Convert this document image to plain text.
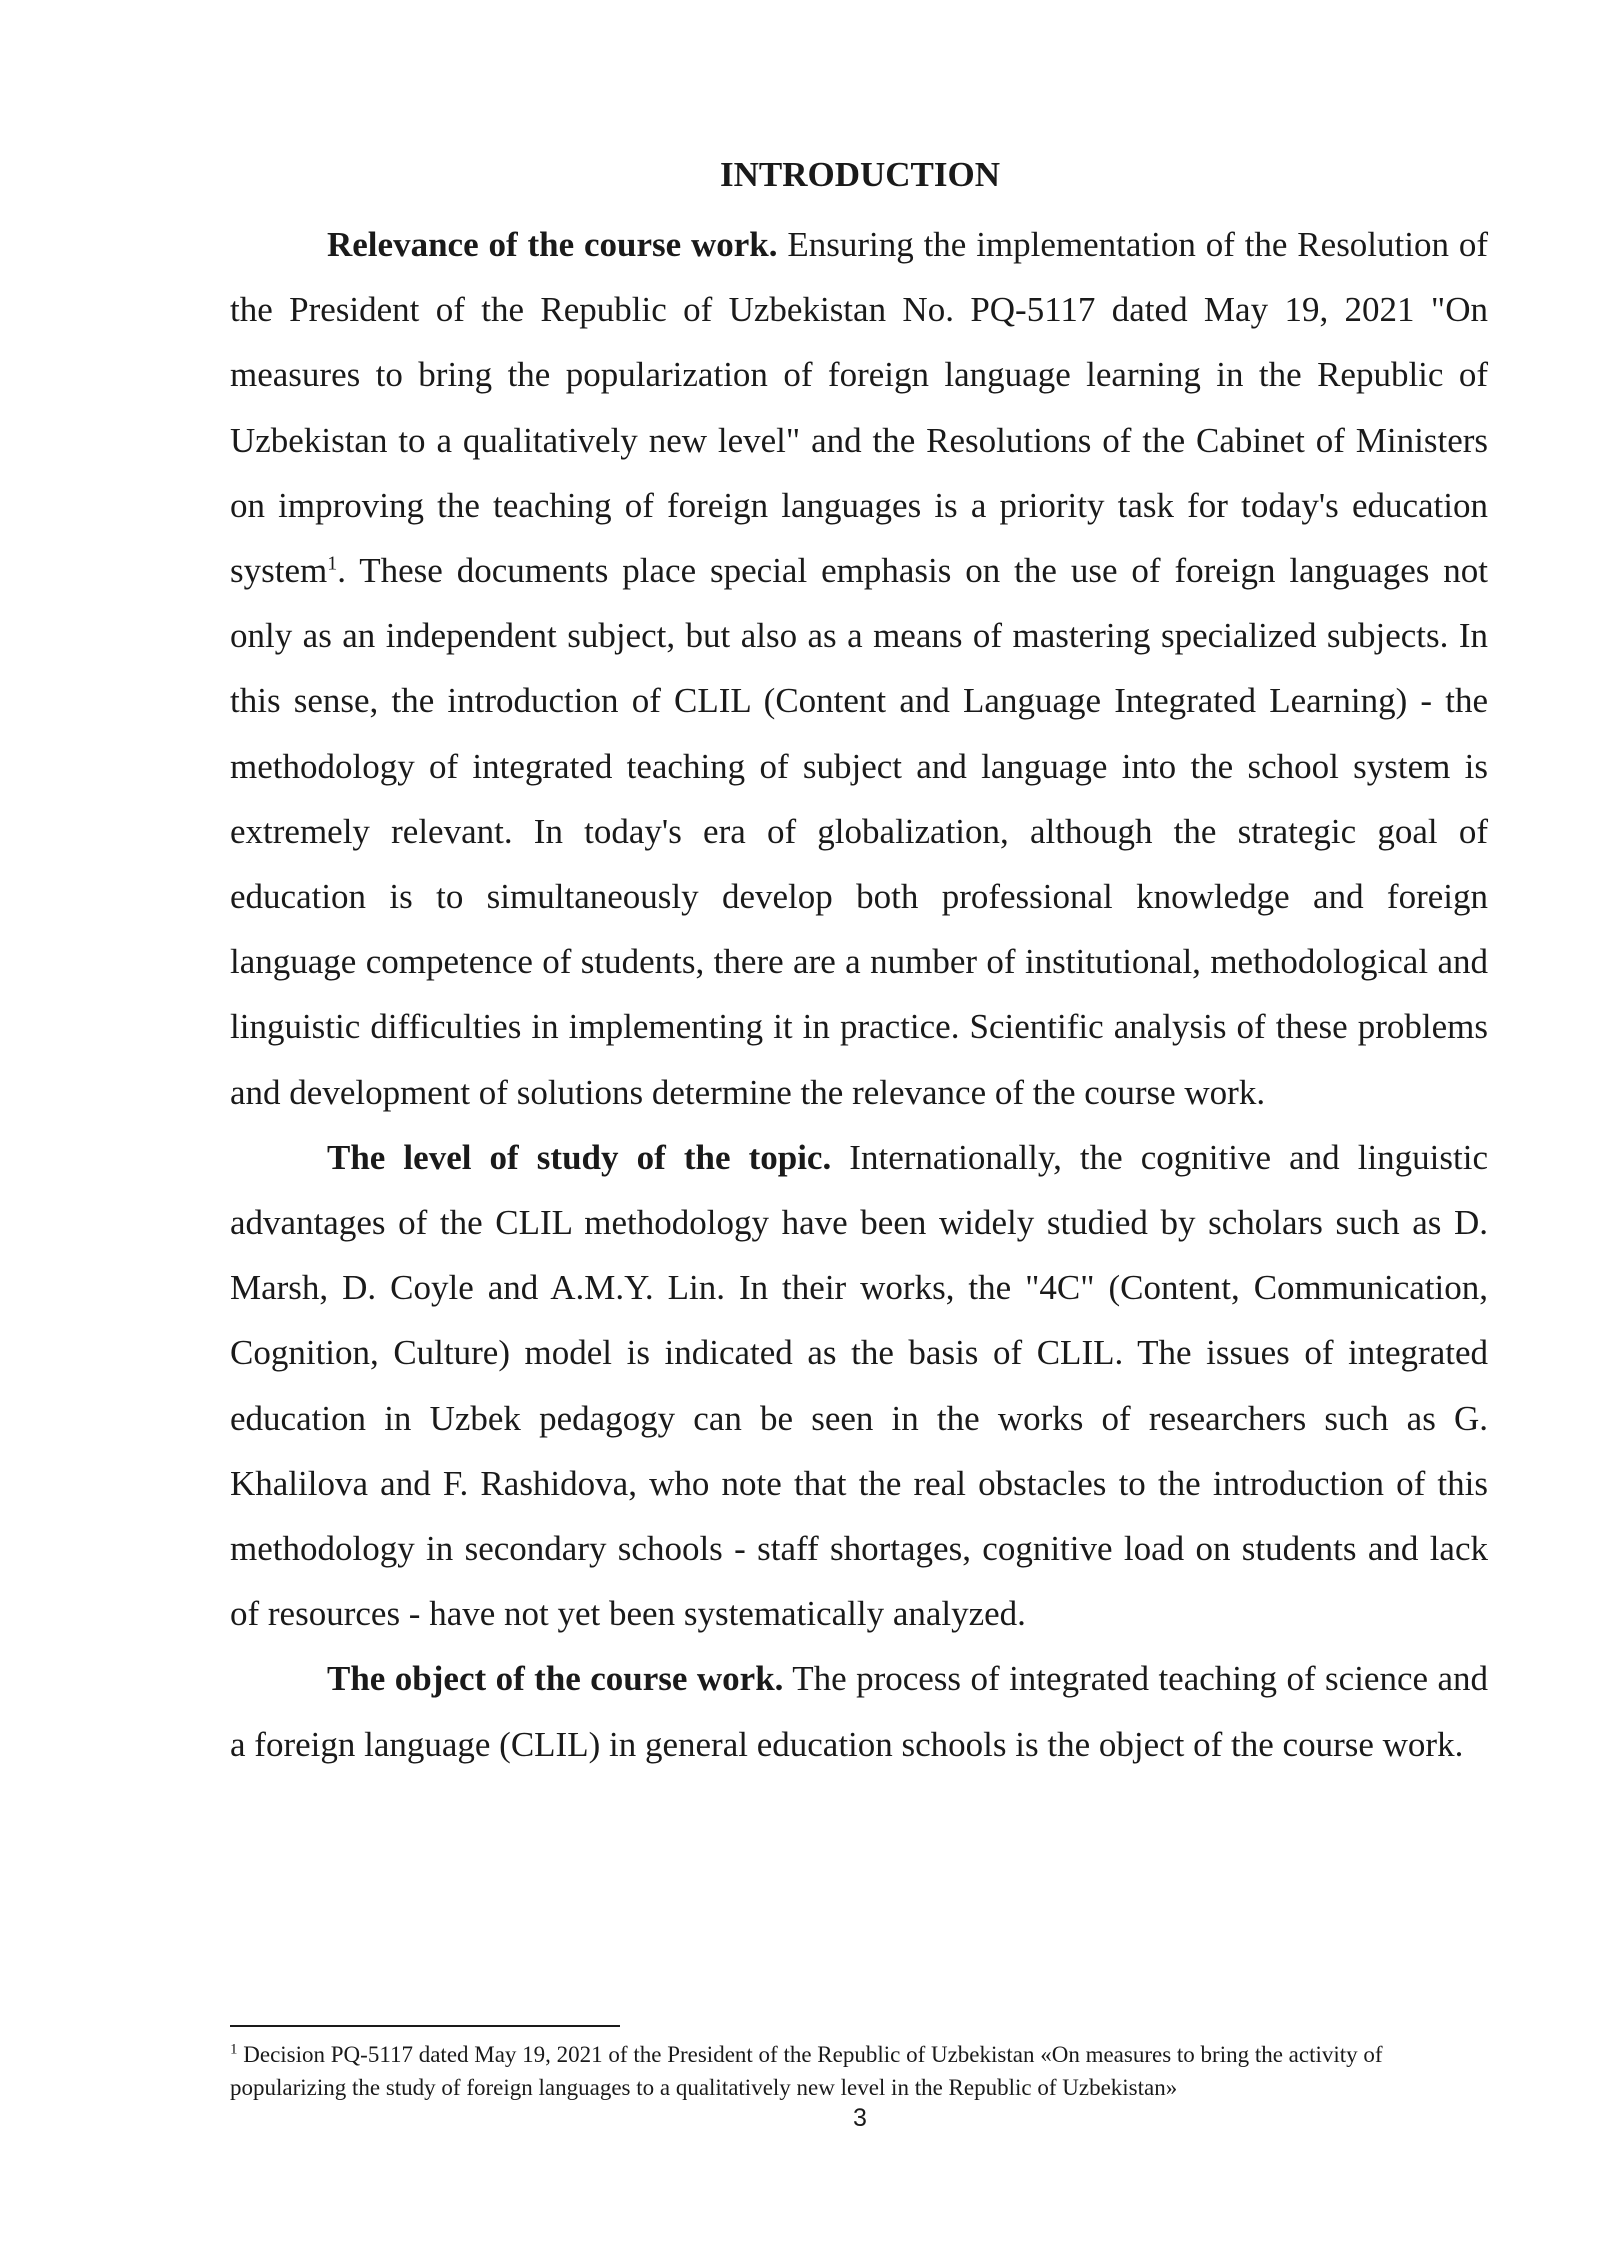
INTRODUCTION

Relevance of the course work. Ensuring the implementation of the Resolution of the President of the Republic of Uzbekistan No. PQ-5117 dated May 19, 2021 "On measures to bring the popularization of foreign language learning in the Republic of Uzbekistan to a qualitatively new level" and the Resolutions of the Cabinet of Ministers on improving the teaching of foreign languages is a priority task for today's education system$^1$. These documents place special emphasis on the use of foreign languages not only as an independent subject, but also as a means of mastering specialized subjects. In this sense, the introduction of CLIL (Content and Language Integrated Learning) - the methodology of integrated teaching of subject and language into the school system is extremely relevant. In today's era of globalization, although the strategic goal of education is to simultaneously develop both professional knowledge and foreign language competence of students, there are a number of institutional, methodological and linguistic difficulties in implementing it in practice. Scientific analysis of these problems and development of solutions determine the relevance of the course work.

The level of study of the topic. Internationally, the cognitive and linguistic advantages of the CLIL methodology have been widely studied by scholars such as D. Marsh, D. Coyle and A.M.Y. Lin. In their works, the "4C" (Content, Communication, Cognition, Culture) model is indicated as the basis of CLIL. The issues of integrated education in Uzbek pedagogy can be seen in the works of researchers such as G. Khalilova and F. Rashidova, who note that the real obstacles to the introduction of this methodology in secondary schools - staff shortages, cognitive load on students and lack of resources - have not yet been systematically analyzed.

The object of the course work. The process of integrated teaching of science and a foreign language (CLIL) in general education schools is the object of the course work.

$^1$ Decision PQ-5117 dated May 19, 2021 of the President of the Republic of Uzbekistan «On measures to bring the activity of popularizing the study of foreign languages to a qualitatively new level in the Republic of Uzbekistan»

3
